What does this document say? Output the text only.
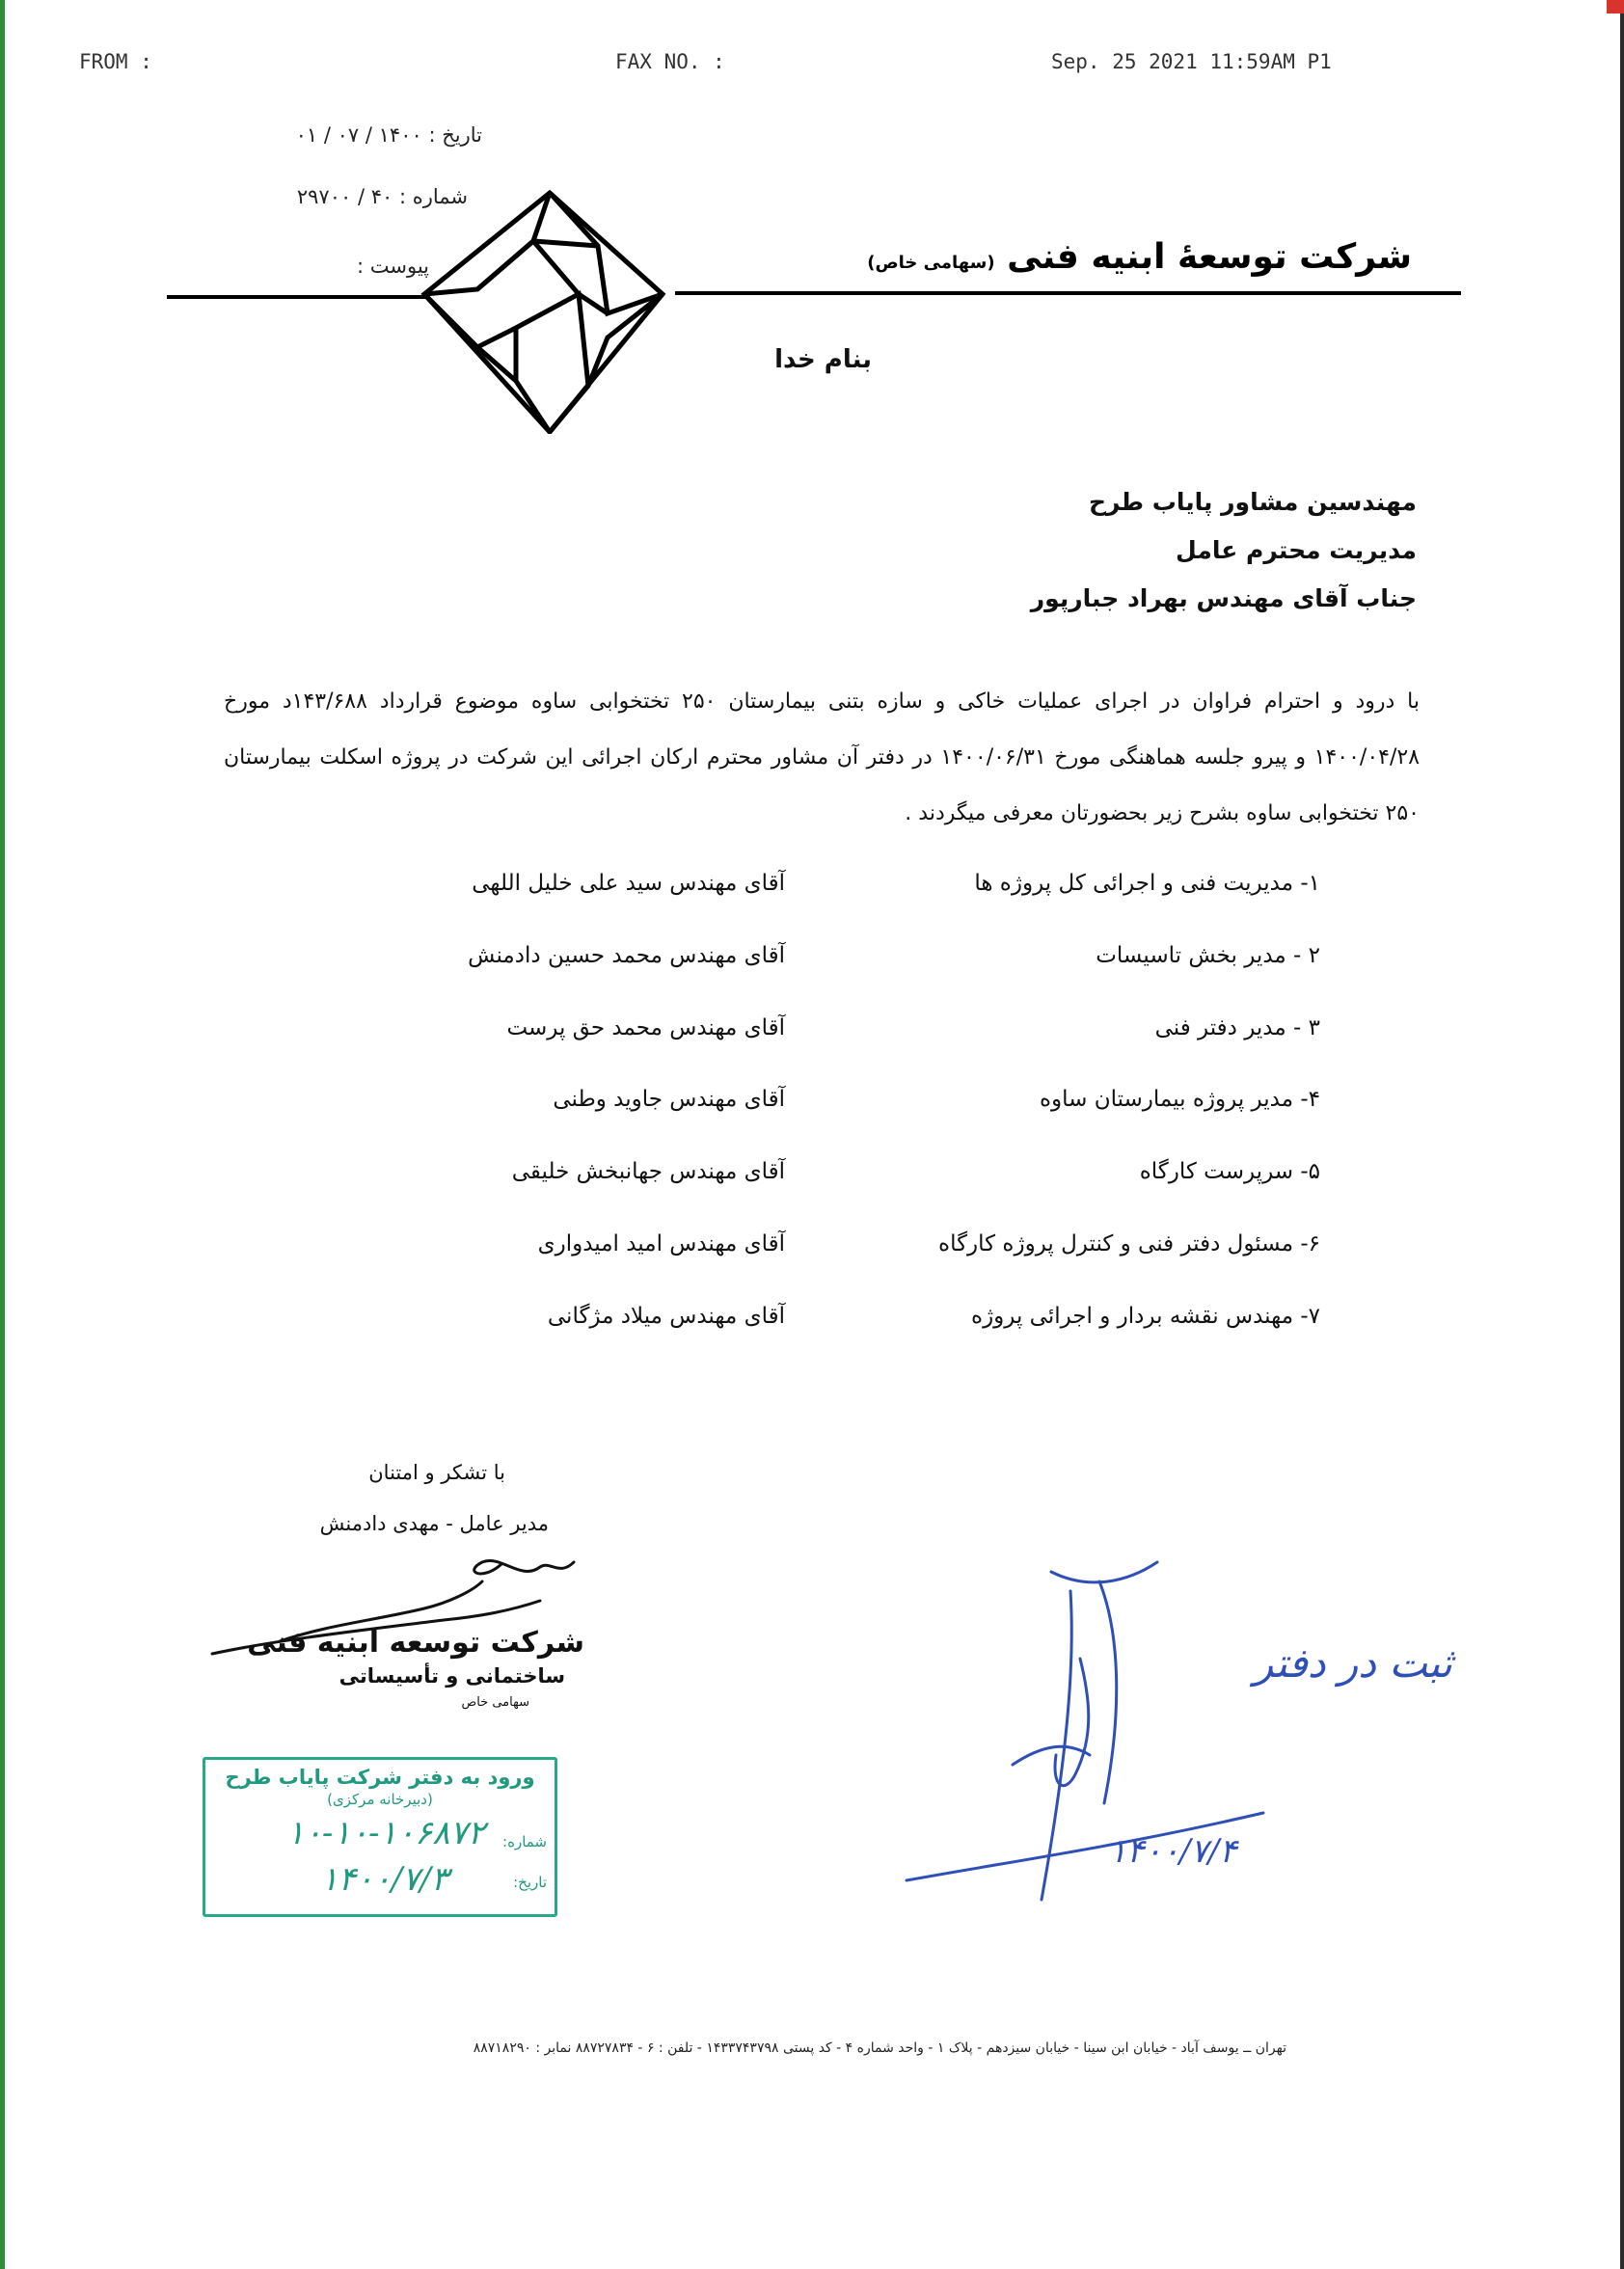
FROM :	FAX NO. :	Sep. 25 2021 11:59AM P1
تاریخ : ۱۴۰۰ / ۰۷ / ۰۱
شماره : ۴۰ / ۲۹۷۰۰
پیوست :	شرکت توسعهٔ ابنیه فنی (سهامی خاص)
بنام خدا
مهندسین مشاور پایاب طرح
مدیریت محترم عامل
جناب آقای مهندس بهراد جبارپور
با درود و احترام فراوان در اجرای عملیات خاکی و سازه بتنی بیمارستان ۲۵۰ تختخوابی ساوه موضوع قرارداد ۱۴۳/۶۸۸د مورخ ۱۴۰۰/۰۴/۲۸ و پیرو جلسه هماهنگی مورخ ۱۴۰۰/۰۶/۳۱ در دفتر آن مشاور محترم ارکان اجرائی این شرکت در پروژه اسکلت بیمارستان ۲۵۰ تختخوابی ساوه بشرح زیر بحضورتان معرفی میگردند .
۱- مدیریت فنی و اجرائی کل پروژه ها
آقای مهندس سید علی خلیل اللهی
۲ - مدیر بخش تاسیسات
آقای مهندس محمد حسین دادمنش
۳ - مدیر دفتر فنی
آقای مهندس محمد حق پرست
۴- مدیر پروژه بیمارستان ساوه
آقای مهندس جاوید وطنی
۵- سرپرست کارگاه
آقای مهندس جهانبخش خلیقی
۶- مسئول دفتر فنی و کنترل پروژه کارگاه
آقای مهندس امید امیدواری
۷- مهندس نقشه بردار و اجرائی پروژه
آقای مهندس میلاد مژگانی
با تشکر و امتنان
مدیر عامل - مهدی دادمنش
شرکت توسعه ابنیه فنی
ساختمانی و تأسیساتی
سهامی خاص
ورود به دفتر شرکت پایاب طرح
(دبیرخانه مرکزی)
شماره:
۱۰-۱۰-۱۰۶۸۷۲
تاریخ:
۱۴۰۰/۷/۳
ثبت در دفتر
۱۴۰۰/۷/۴
تهران ــ یوسف آباد - خیابان ابن سینا - خیابان سیزدهم - پلاک ۱ - واحد شماره ۴ - کد پستی ۱۴۳۳۷۴۳۷۹۸ - تلفن : ۶ - ۸۸۷۲۷۸۳۴ نمابر : ۸۸۷۱۸۲۹۰
